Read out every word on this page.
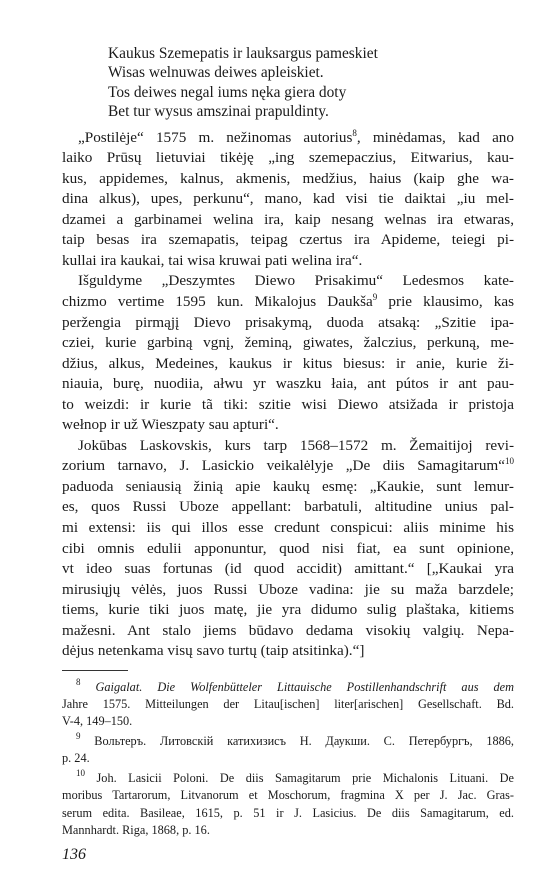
Kaukus Szemepatis ir lauksargus pameskiet
Wisas welnuwas deiwes apleiskiet.
Tos deiwes negal iums nęka giera doty
Bet tur wysus amszinai prapuldinty.
„Postilėje“ 1575 m. nežinomas autorius$^8$, minėdamas, kad ano
laiko Prūsų lietuviai tikėję „ing szemepaczius, Eitwarius, kau-
kus, appidemes, kalnus, akmenis, medžius, haius (kaip ghe wa-
dina alkus), upes, perkunu“, mano, kad visi tie daiktai „iu mel-
dzamei a garbinamei welina ira, kaip nesang welnas ira etwaras,
taip besas ira szemapatis, teipag czertus ira Apideme, teiegi pi-
kullai ira kaukai, tai wisa kruwai pati welina ira“.
Išguldyme „Deszymtes Diewo Prisakimu“ Ledesmos kate-
chizmo vertime 1595 kun. Mikalojus Daukša$^9$ prie klausimo, kas
peržengia pirmąjį Dievo prisakymą, duoda atsaką: „Szitie ipa-
cziei, kurie garbiną vgnį, žeminą, giwates, žalczius, perkuną, me-
džius, alkus, Medeines, kaukus ir kitus biesus: ir anie, kurie ži-
niauia, burę, nuodiia, ałwu yr waszku łaia, ant pútos ir ant pau-
to weizdi: ir kurie tã tiki: szitie wisi Diewo atsižada ir pristoja
wełnop ir už Wieszpaty sau apturi“.
Jokūbas Laskovskis, kurs tarp 1568–1572 m. Žemaitijoj revi-
zorium tarnavo, J. Lasickio veikalėlyje „De diis Samagitarum“$^{10}$
paduoda seniausią žinią apie kaukų esmę: „Kaukie, sunt lemur-
es, quos Russi Uboze appellant: barbatuli, altitudine unius pal-
mi extensi: iis qui illos esse credunt conspicui: aliis minime his
cibi omnis edulii apponuntur, quod nisi fiat, ea sunt opinione,
vt ideo suas fortunas (id quod accidit) amittant.“ [„Kaukai yra
mirusiųjų vėlės, juos Russi Uboze vadina: jie su maža barzdele;
tiems, kurie tiki juos matę, jie yra didumo sulig plaštaka, kitiems
mažesni. Ant stalo jiems būdavo dedama visokių valgių. Nepa-
dėjus netenkama visų savo turtų (taip atsitinka).“]
$^8$ Gaigalat. Die Wolfenbütteler Littauische Postillenhandschrift aus dem
Jahre 1575. Mitteilungen der Litau[ischen] liter[arischen] Gesellschaft. Bd.
V-4, 149–150.
$^9$ Вольтеръ. Литовскій катихизисъ Н. Даукши. С. Петербургъ, 1886,
p. 24.
$^{10}$ Joh. Lasicii Poloni. De diis Samagitarum prie Michalonis Lituani. De
moribus Tartarorum, Litvanorum et Moschorum, fragmina X per J. Jac. Gras-
serum edita. Basileae, 1615, p. 51 ir J. Lasicius. De diis Samagitarum, ed.
Mannhardt. Riga, 1868, p. 16.
136
